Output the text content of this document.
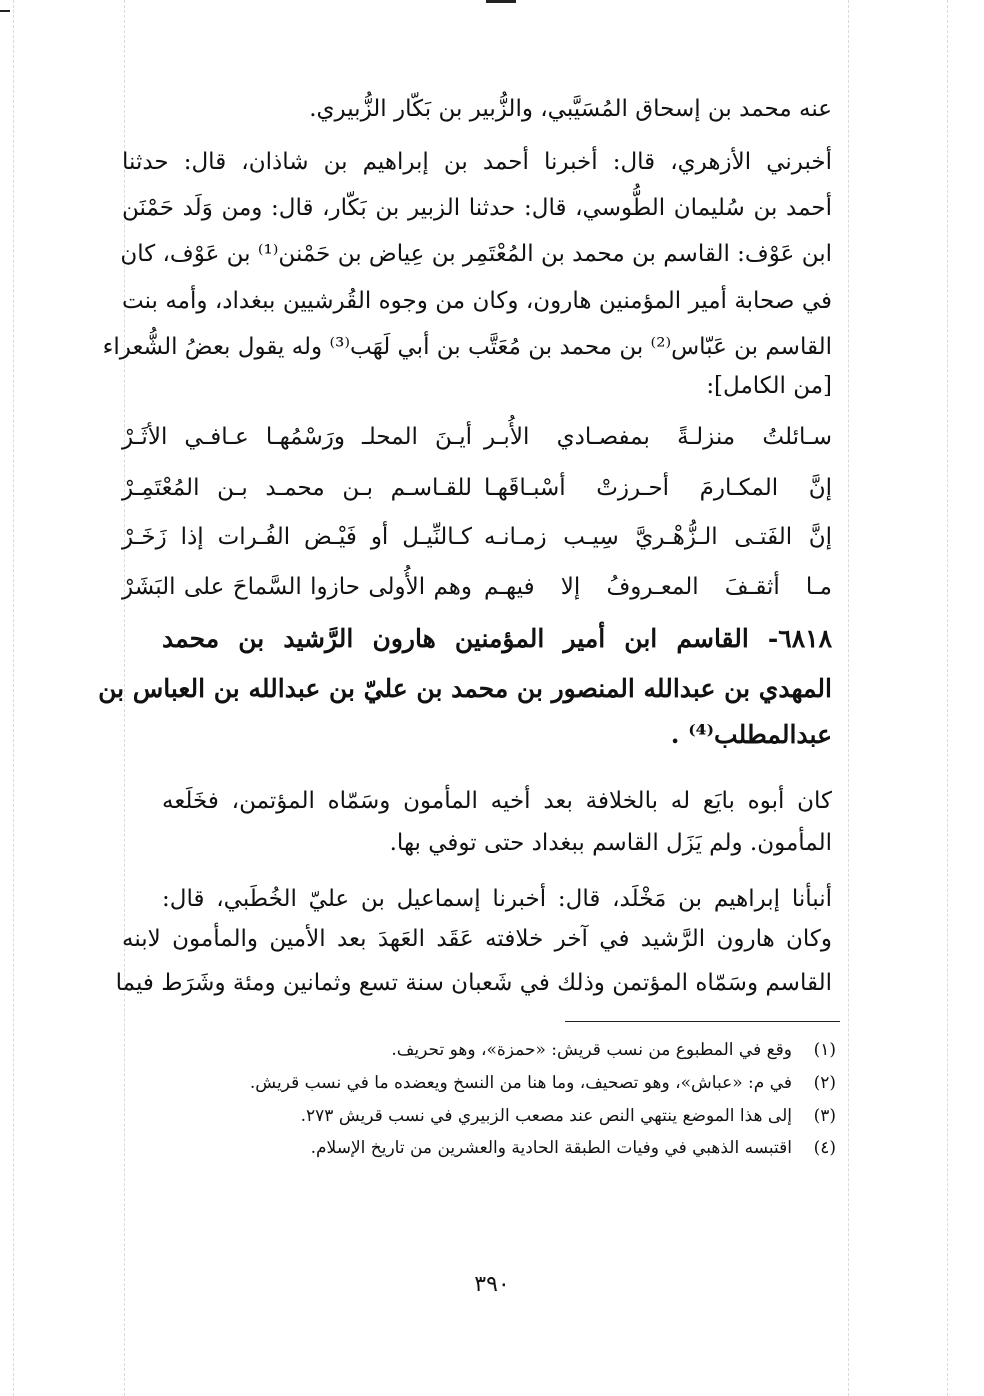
عنه محمد بن إسحاق المُسَيَّبي، والزُّبير بن بَكّار الزُّبيري.
أخبرني الأزهري، قال: أخبرنا أحمد بن إبراهيم بن شاذان، قال: حدثنا
أحمد بن سُليمان الطُّوسي، قال: حدثنا الزبير بن بَكّار، قال: ومن وَلَد حَمْنَن
ابن عَوْف: القاسم بن محمد بن المُعْتَمِر بن عِياض بن حَمْنن⁽¹⁾ بن عَوْف، كان
في صحابة أمير المؤمنين هارون، وكان من وجوه القُرشيين ببغداد، وأمه بنت
القاسم بن عَبّاس⁽²⁾ بن محمد بن مُعَتَّب بن أبي لَهَب⁽³⁾ وله يقول بعضُ الشُّعراء
[من الكامل]:
سـائلتُ منزلـةً بمفصـادي الأُبـر
أيـنَ المحلـ ورَسْمُهـا عـافـي الأثَـرْ
إنَّ المكـارمَ أحـرزتْ أسْبـاقَهـا
للقـاسـم بـن محمـد بـن المُعْتَمِـرْ
إنَّ الفَتـى الـزُّهْـريَّ سِيـب زمـانـه
كـالنِّيـل أو فَيْـض الفُـرات إذا زَخَـرْ
مـا أثقـفَ المعـروفُ إلا فيهـم
وهم الأُولى حازوا السَّماحَ على البَشَرْ
٦٨١٨- القاسم ابن أمير المؤمنين هارون الرَّشيد بن محمد
المهدي بن عبدالله المنصور بن محمد بن عليّ بن عبدالله بن العباس بن
عبدالمطلب⁽⁴⁾ .
كان أبوه بايَع له بالخلافة بعد أخيه المأمون وسَمّاه المؤتمن، فخَلَعه
المأمون. ولم يَزَل القاسم ببغداد حتى توفي بها.
أنبأنا إبراهيم بن مَخْلَد، قال: أخبرنا إسماعيل بن عليّ الخُطَبي، قال:
وكان هارون الرَّشيد في آخر خلافته عَقَد العَهدَ بعد الأمين والمأمون لابنه
القاسم وسَمّاه المؤتمن وذلك في شَعبان سنة تسع وثمانين ومئة وشَرَط فيما
(١)وقع في المطبوع من نسب قريش: «حمزة»، وهو تحريف.
(٢)في م: «عباش»، وهو تصحيف، وما هنا من النسخ ويعضده ما في نسب قريش.
(٣)إلى هذا الموضع ينتهي النص عند مصعب الزبيري في نسب قريش ٢٧٣.
(٤)اقتبسه الذهبي في وفيات الطبقة الحادية والعشرين من تاريخ الإسلام.
٣٩٠
